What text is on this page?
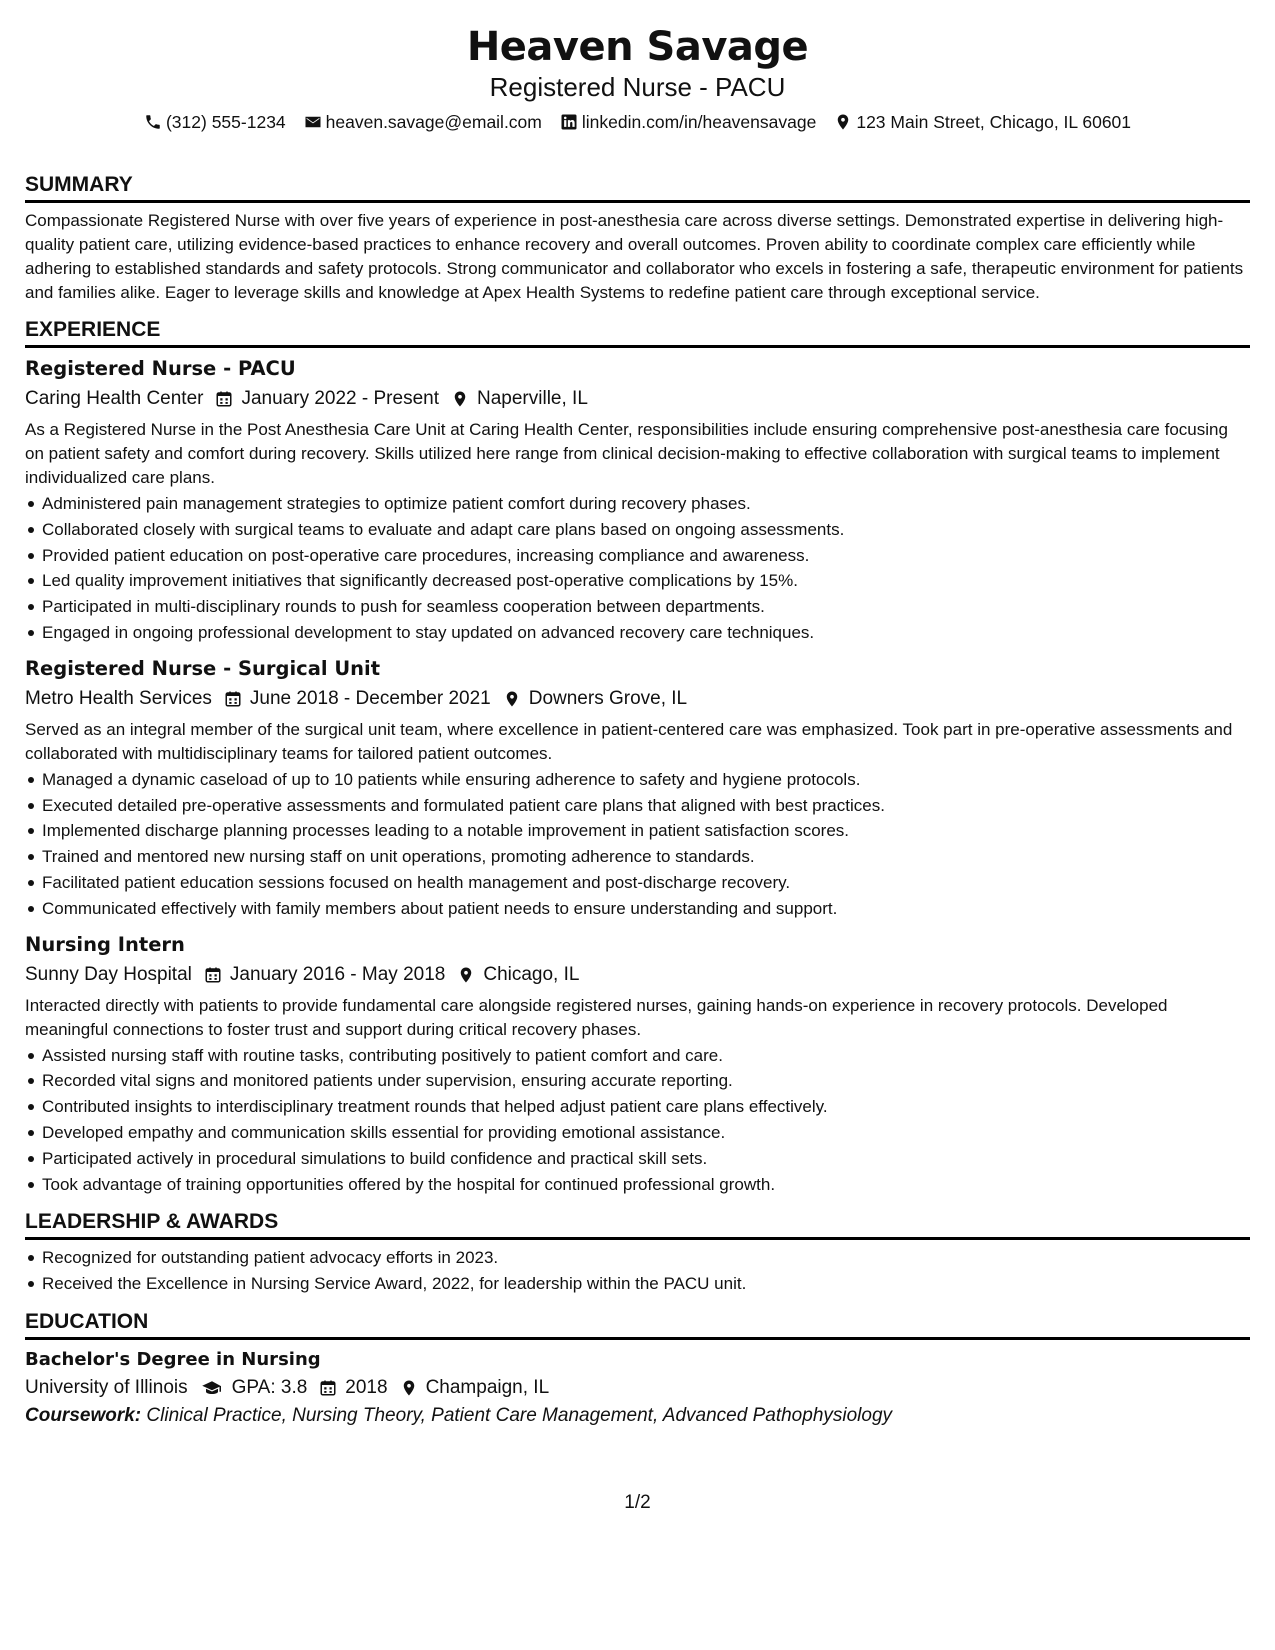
Heaven Savage
Registered Nurse - PACU
(312) 555-1234 heaven.savage@email.com linkedin.com/in/heavensavage 123 Main Street, Chicago, IL 60601
SUMMARY
Compassionate Registered Nurse with over five years of experience in post-anesthesia care across diverse settings. Demonstrated expertise in delivering high-quality patient care, utilizing evidence-based practices to enhance recovery and overall outcomes. Proven ability to coordinate complex care efficiently while adhering to established standards and safety protocols. Strong communicator and collaborator who excels in fostering a safe, therapeutic environment for patients and families alike. Eager to leverage skills and knowledge at Apex Health Systems to redefine patient care through exceptional service.
EXPERIENCE
Registered Nurse - PACU
Caring Health Center January 2022 - Present Naperville, IL
As a Registered Nurse in the Post Anesthesia Care Unit at Caring Health Center, responsibilities include ensuring comprehensive post-anesthesia care focusing on patient safety and comfort during recovery. Skills utilized here range from clinical decision-making to effective collaboration with surgical teams to implement individualized care plans.
Administered pain management strategies to optimize patient comfort during recovery phases.
Collaborated closely with surgical teams to evaluate and adapt care plans based on ongoing assessments.
Provided patient education on post-operative care procedures, increasing compliance and awareness.
Led quality improvement initiatives that significantly decreased post-operative complications by 15%.
Participated in multi-disciplinary rounds to push for seamless cooperation between departments.
Engaged in ongoing professional development to stay updated on advanced recovery care techniques.
Registered Nurse - Surgical Unit
Metro Health Services June 2018 - December 2021 Downers Grove, IL
Served as an integral member of the surgical unit team, where excellence in patient-centered care was emphasized. Took part in pre-operative assessments and collaborated with multidisciplinary teams for tailored patient outcomes.
Managed a dynamic caseload of up to 10 patients while ensuring adherence to safety and hygiene protocols.
Executed detailed pre-operative assessments and formulated patient care plans that aligned with best practices.
Implemented discharge planning processes leading to a notable improvement in patient satisfaction scores.
Trained and mentored new nursing staff on unit operations, promoting adherence to standards.
Facilitated patient education sessions focused on health management and post-discharge recovery.
Communicated effectively with family members about patient needs to ensure understanding and support.
Nursing Intern
Sunny Day Hospital January 2016 - May 2018 Chicago, IL
Interacted directly with patients to provide fundamental care alongside registered nurses, gaining hands-on experience in recovery protocols. Developed meaningful connections to foster trust and support during critical recovery phases.
Assisted nursing staff with routine tasks, contributing positively to patient comfort and care.
Recorded vital signs and monitored patients under supervision, ensuring accurate reporting.
Contributed insights to interdisciplinary treatment rounds that helped adjust patient care plans effectively.
Developed empathy and communication skills essential for providing emotional assistance.
Participated actively in procedural simulations to build confidence and practical skill sets.
Took advantage of training opportunities offered by the hospital for continued professional growth.
LEADERSHIP & AWARDS
Recognized for outstanding patient advocacy efforts in 2023.
Received the Excellence in Nursing Service Award, 2022, for leadership within the PACU unit.
EDUCATION
Bachelor's Degree in Nursing
University of Illinois GPA: 3.8 2018 Champaign, IL
Coursework: Clinical Practice, Nursing Theory, Patient Care Management, Advanced Pathophysiology
1/2
